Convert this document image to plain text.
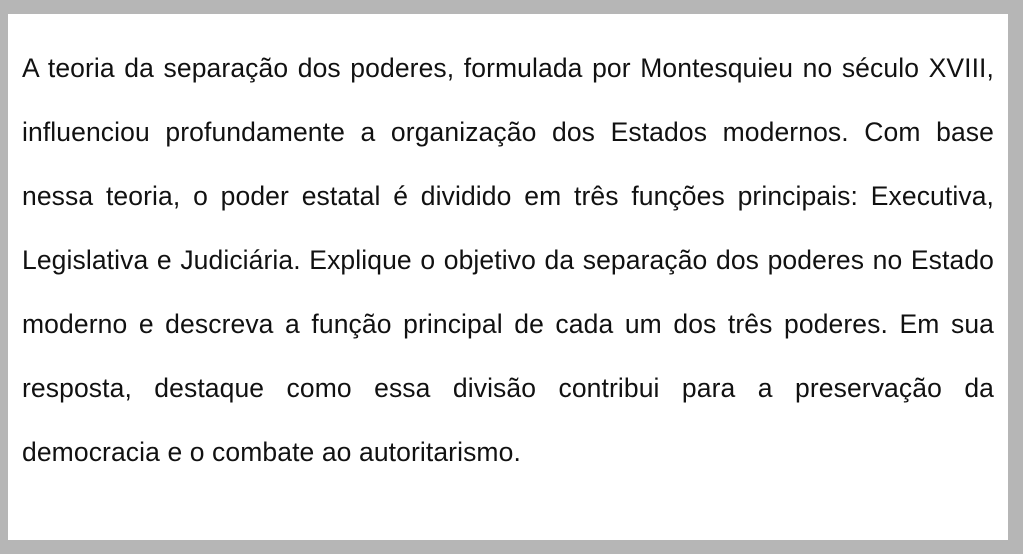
A teoria da separação dos poderes, formulada por Montesquieu no século XVIII, influenciou profundamente a organização dos Estados modernos. Com base nessa teoria, o poder estatal é dividido em três funções principais: Executiva, Legislativa e Judiciária. Explique o objetivo da separação dos poderes no Estado moderno e descreva a função principal de cada um dos três poderes. Em sua resposta, destaque como essa divisão contribui para a preservação da democracia e o combate ao autoritarismo.
